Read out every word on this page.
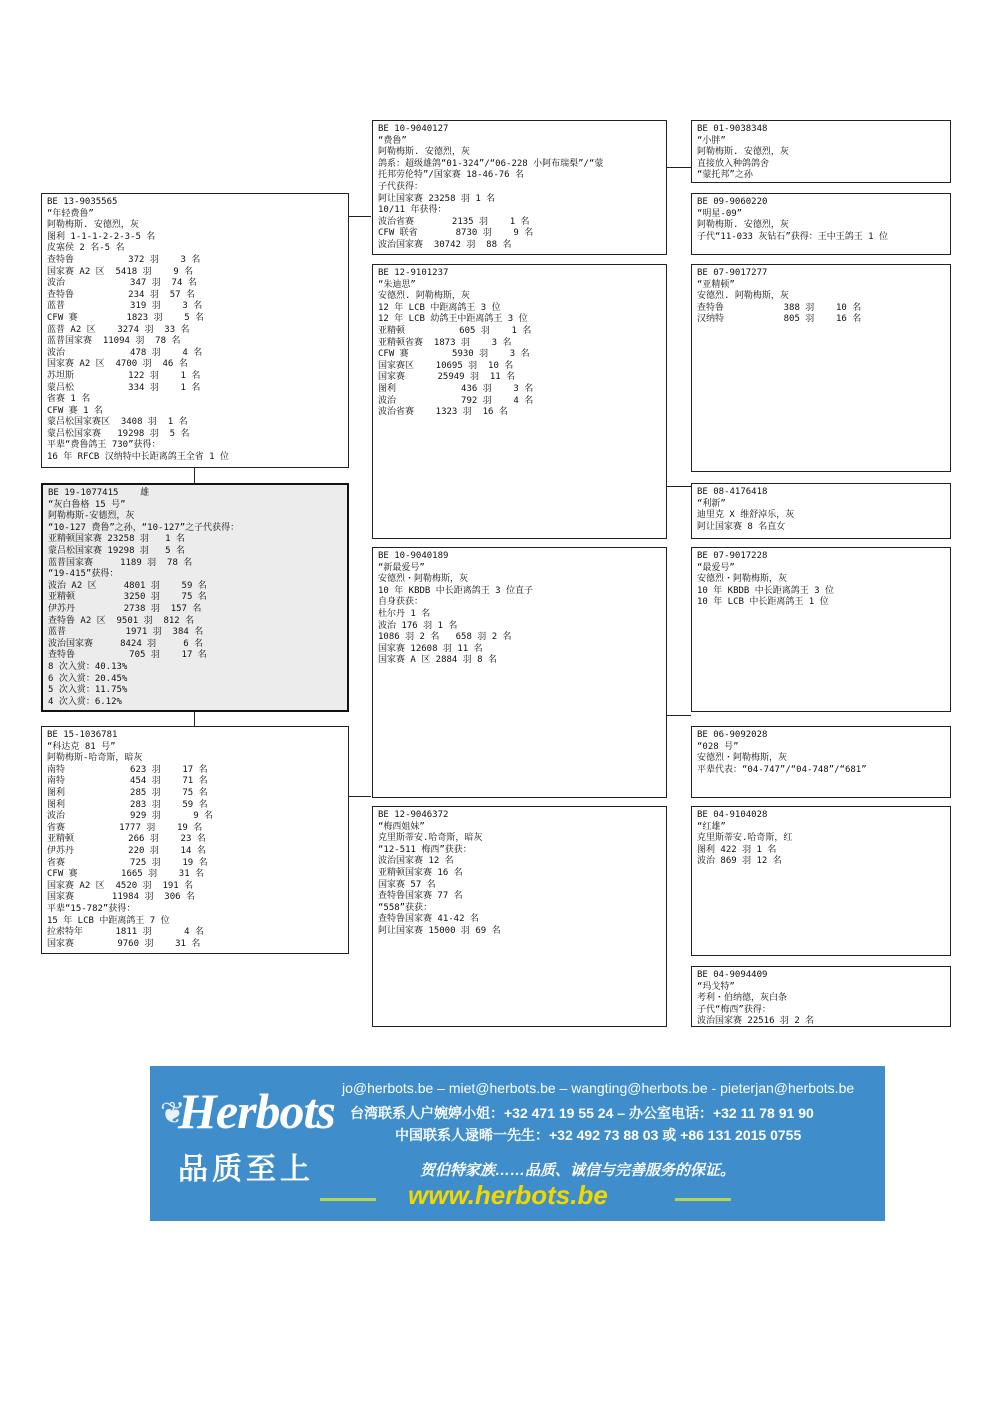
BE 13-9035565
“年轻费鲁”
阿勒梅斯. 安德烈，灰
图利 1-1-1-2-2-3-5 名
皮塞侯 2 名-5 名
查特鲁          372 羽    3 名
国家赛 A2 区  5418 羽    9 名
波治            347 羽  74 名
查特鲁          234 羽  57 名
蓝普            319 羽    3 名
CFW 赛         1823 羽    5 名
蓝普 A2 区    3274 羽  33 名
蓝普国家赛  11094 羽  78 名
波治            478 羽    4 名
国家赛 A2 区  4700 羽  46 名
苏坦斯          122 羽    1 名
蒙吕松          334 羽    1 名
省赛 1 名
CFW 赛 1 名
蒙吕松国家赛区  3408 羽  1 名
蒙吕松国家赛   19298 羽  5 名
平辈“费鲁鸽王 730”获得：
16 年 RFCB 汉纳特中长距离鸽王全省 1 位
BE 19-1077415    雄
“灰白鲁格 15 号”
阿勒梅斯-安德烈，灰
“10-127 费鲁”之孙，“10-127”之子代获得：
亚精顿国家赛 23258 羽   1 名
蒙吕松国家赛 19298 羽   5 名
蓝普国家赛     1189 羽  78 名
“19-415”获得：
波治 A2 区     4801 羽    59 名
亚精顿         3250 羽    75 名
伊苏丹         2738 羽  157 名
查特鲁 A2 区  9501 羽  812 名
蓝普           1971 羽  384 名
波治国家赛     8424 羽     6 名
查特鲁          705 羽    17 名
8 次入赏：40.13%
6 次入赏：20.45%
5 次入赏：11.75%
4 次入赏：6.12%
BE 15-1036781
“科达克 81 号”
阿勒梅斯-哈奇斯，暗灰
南特            623 羽    17 名
南特            454 羽    71 名
图利            285 羽    75 名
图利            283 羽    59 名
波治            929 羽      9 名
省赛          1777 羽    19 名
亚精顿          266 羽    23 名
伊苏丹          220 羽    14 名
省赛            725 羽    19 名
CFW 赛        1665 羽    31 名
国家赛 A2 区  4520 羽  191 名
国家赛       11984 羽  306 名
平辈“15-782”获得：
15 年 LCB 中距离鸽王 7 位
拉索特年      1811 羽      4 名
国家赛        9760 羽    31 名
BE 10-9040127
“费鲁”
阿勒梅斯. 安德烈，灰
鸽系：超级雄鸽“01-324”/“06-228 小阿布瑞梨”/“蒙
托邦劳伦特”/国家赛 18-46-76 名
子代获得：
阿让国家赛 23258 羽 1 名
10/11 年获得：
波治省赛       2135 羽    1 名
CFW 联省       8730 羽    9 名
波治国家赛  30742 羽  88 名
BE 12-9101237
“朱迪思”
安德烈. 阿勒梅斯，灰
12 年 LCB 中距离鸽王 3 位
12 年 LCB 幼鸽王中距离鸽王 3 位
亚精顿          605 羽    1 名
亚精顿省赛  1873 羽    3 名
CFW 赛        5930 羽    3 名
国家赛区    10695 羽  10 名
国家赛      25949 羽  11 名
图利            436 羽    3 名
波治            792 羽    4 名
波治省赛    1323 羽  16 名
BE 10-9040189
“新最爱号”
安德烈・阿勒梅斯，灰
10 年 KBDB 中长距离鸽王 3 位直子
自身获获：
杜尔丹 1 名
波治 176 羽 1 名
1086 羽 2 名   658 羽 2 名
国家赛 12608 羽 11 名
国家赛 A 区 2884 羽 8 名
BE 12-9046372
“梅西姐妹”
克里斯蒂安.哈奇斯，暗灰
“12-511 梅西”获获：
波治国家赛 12 名
亚精顿国家赛 16 名
国家赛 57 名
查特鲁国家赛 77 名
“558”获获：
查特鲁国家赛 41-42 名
阿让国家赛 15000 羽 69 名
BE 01-9038348
“小胖”
阿勒梅斯. 安德烈，灰
直接放入种鸽鸽舍
“蒙托邦”之孙
BE 09-9060220
“明星-09”
阿勒梅斯. 安德烈，灰
子代“11-033 灰钻石”获得：王中王鸽王 1 位
BE 07-9017277
“亚精顿”
安德烈. 阿勒梅斯，灰
查特鲁           388 羽    10 名
汉纳特           805 羽    16 名
BE 08-4176418
“利新”
迪里克 X 维舒淖乐，灰
阿让国家赛 8 名直女
BE 07-9017228
“最爱号”
安德烈・阿勒梅斯，灰
10 年 KBDB 中长距离鸽王 3 位
10 年 LCB 中长距离鸽王 1 位
BE 06-9092028
“028 号”
安德烈・阿勒梅斯，灰
平辈代表：“04-747”/“04-748”/“681”
BE 04-9104028
“红雄”
克里斯蒂安.哈奇斯，红
图利 422 羽 1 名
波治 869 羽 12 名
BE 04-9094409
“玛戈特”
考利・伯纳德，灰白条
子代“梅西”获得：
波治国家赛 22516 羽 2 名
❦
Herbots
品质至上
jo@herbots.be – miet@herbots.be – wangting@herbots.be - pieterjan@herbots.be
台湾联系人户婉婷小姐：+32 471 19 55 24 – 办公室电话：+32 11 78 91 90
中国联系人逯晞一先生：+32 492 73 88 03 或 +86 131 2015 0755
贺伯特家族……品质、诚信与完善服务的保证。
www.herbots.be
